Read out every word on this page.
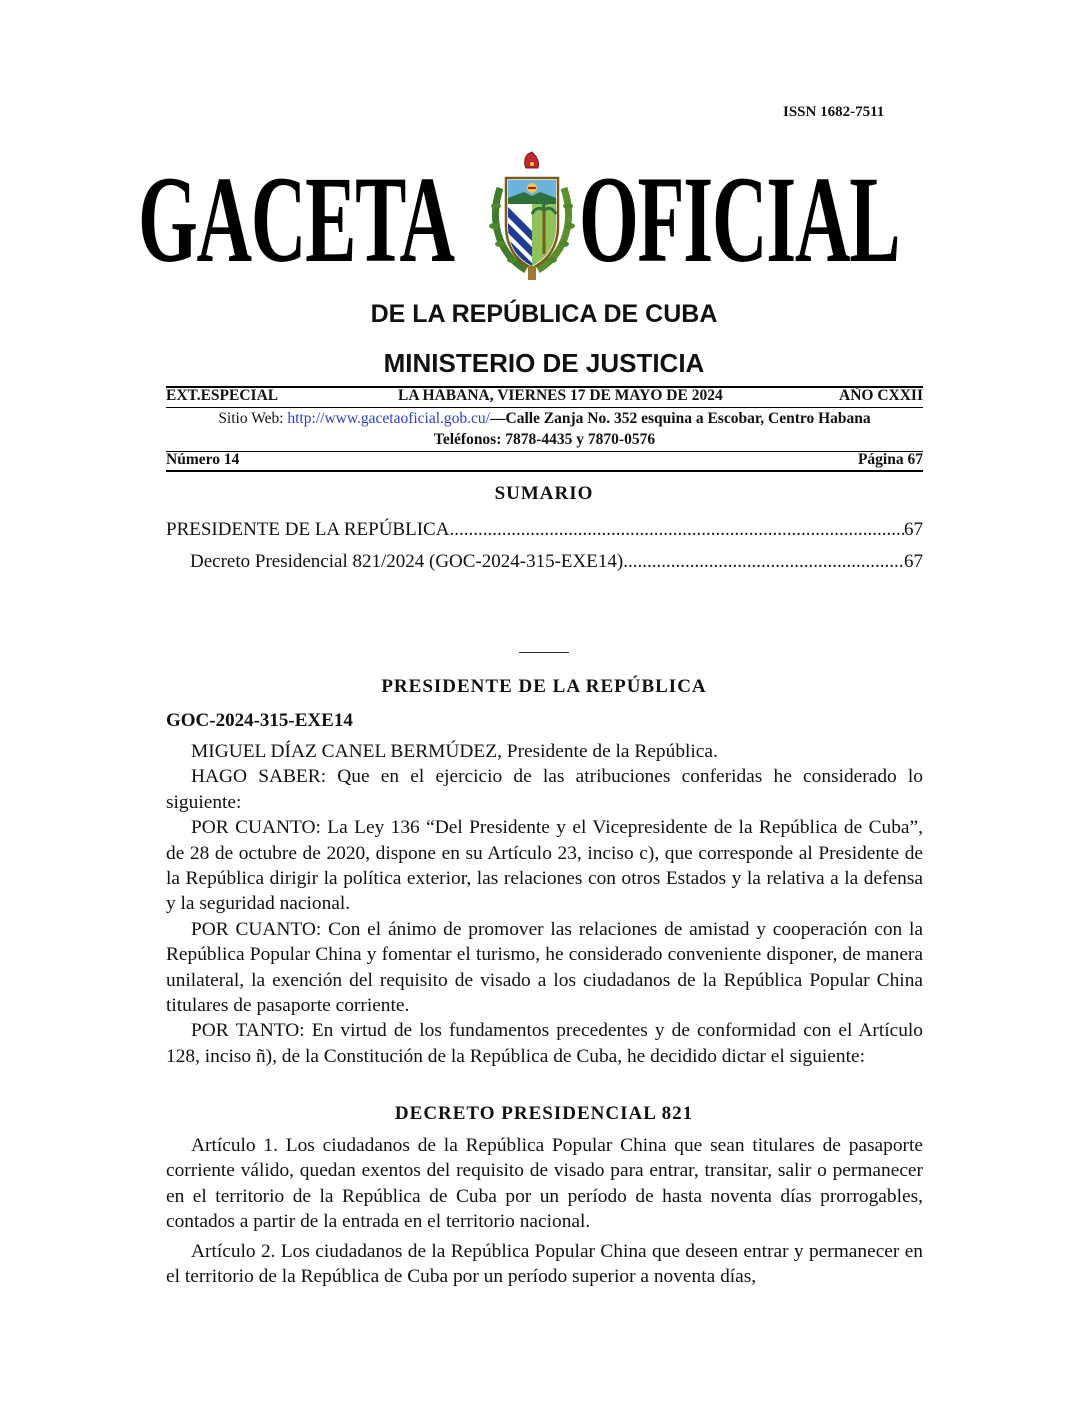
ISSN 1682-7511
GACETA OFICIAL
DE LA REPÚBLICA DE CUBA
MINISTERIO DE JUSTICIA
EXT.ESPECIAL	LA HABANA, VIERNES 17 DE MAYO DE 2024	AÑO CXXII
Sitio Web: http://www.gacetaoficial.gob.cu/—Calle Zanja No. 352 esquina a Escobar, Centro Habana
Teléfonos: 7878-4435 y 7870-0576
Número 14	Página 67
SUMARIO
PRESIDENTE DE LA REPÚBLICA .....	67
Decreto Presidencial 821/2024 (GOC-2024-315-EXE14) .....	67
PRESIDENTE DE LA REPÚBLICA
GOC-2024-315-EXE14

MIGUEL DÍAZ CANEL BERMÚDEZ, Presidente de la República.

HAGO SABER: Que en el ejercicio de las atribuciones conferidas he considerado lo siguiente:

POR CUANTO: La Ley 136 “Del Presidente y el Vicepresidente de la República de Cuba”, de 28 de octubre de 2020, dispone en su Artículo 23, inciso c), que corresponde al Presidente de la República dirigir la política exterior, las relaciones con otros Estados y la relativa a la defensa y la seguridad nacional.

POR CUANTO: Con el ánimo de promover las relaciones de amistad y cooperación con la República Popular China y fomentar el turismo, he considerado conveniente disponer, de manera unilateral, la exención del requisito de visado a los ciudadanos de la República Popular China titulares de pasaporte corriente.

POR TANTO: En virtud de los fundamentos precedentes y de conformidad con el Artículo 128, inciso ñ), de la Constitución de la República de Cuba, he decidido dictar el siguiente:

DECRETO PRESIDENCIAL 821

Artículo 1. Los ciudadanos de la República Popular China que sean titulares de pasaporte corriente válido, quedan exentos del requisito de visado para entrar, transitar, salir o permanecer en el territorio de la República de Cuba por un período de hasta noventa días prorrogables, contados a partir de la entrada en el territorio nacional.

Artículo 2. Los ciudadanos de la República Popular China que deseen entrar y permanecer en el territorio de la República de Cuba por un período superior a noventa días,
